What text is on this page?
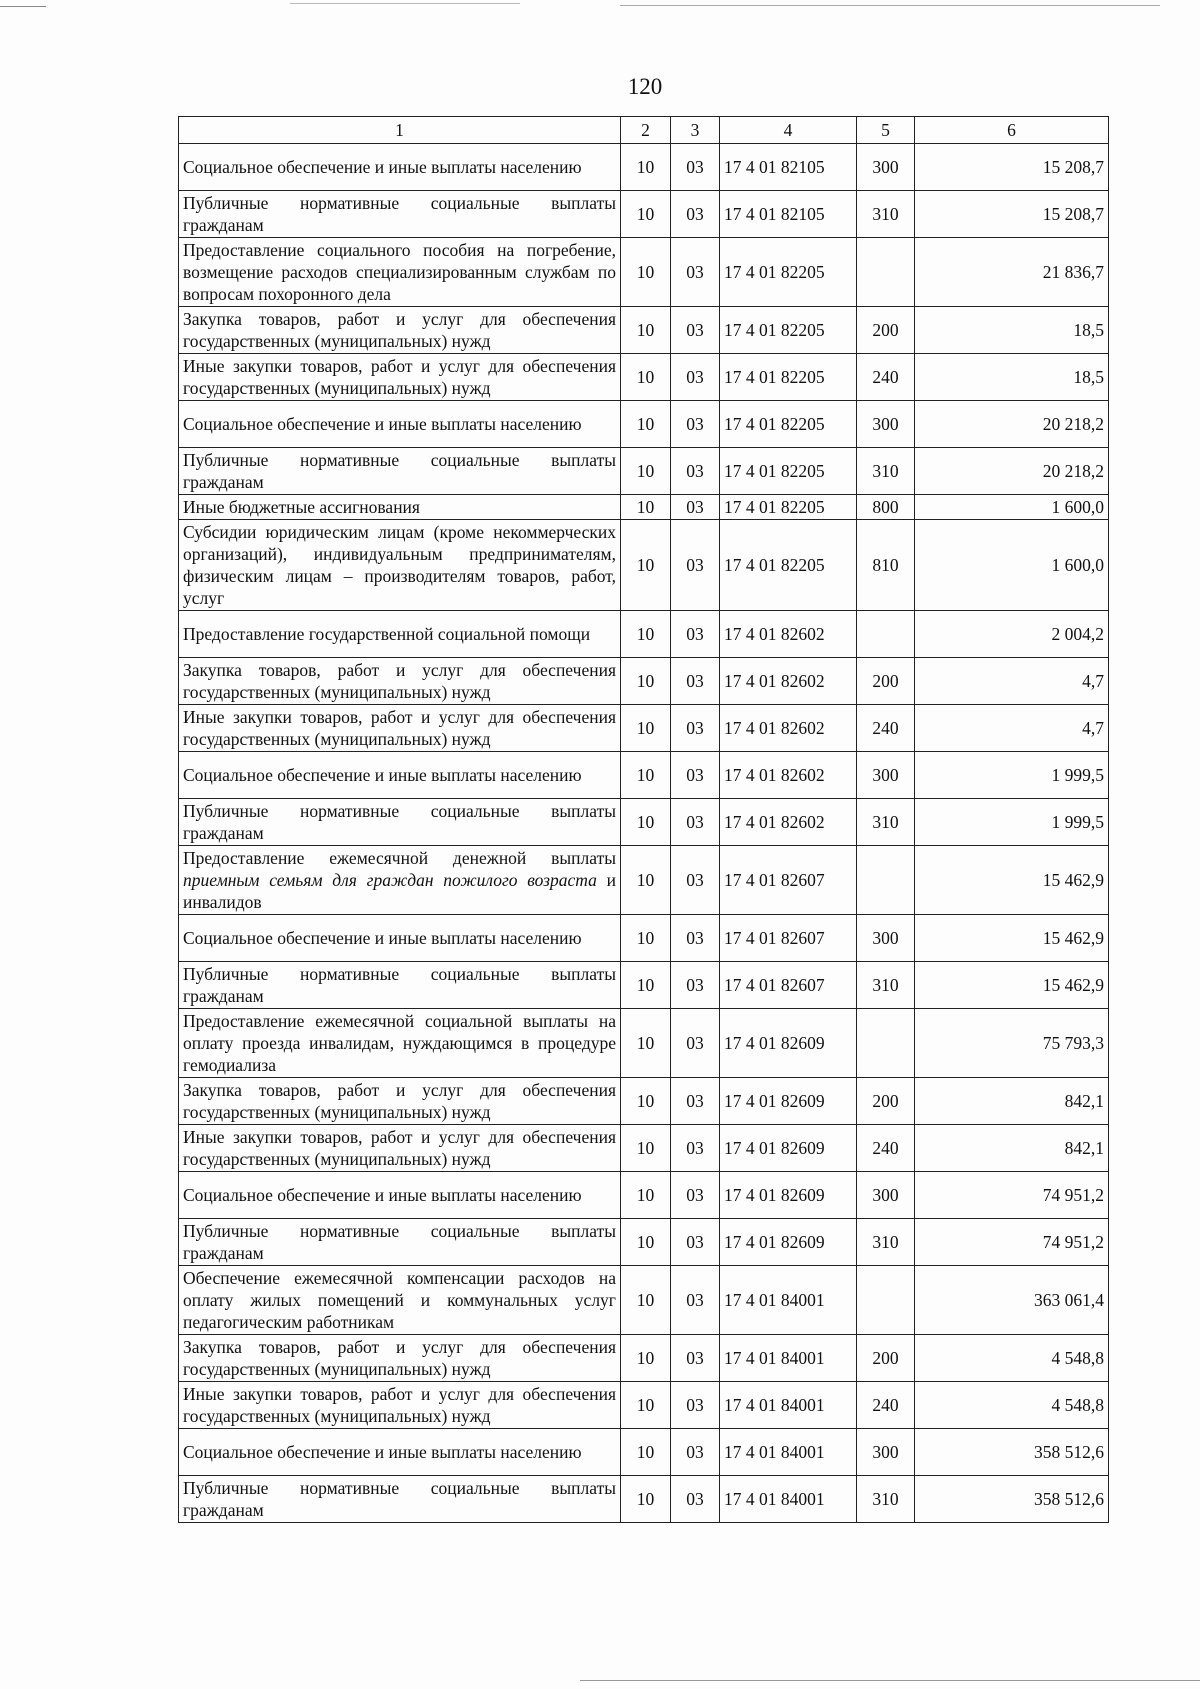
120
1	2	3	4	5	6
Социальное обеспечение и иные выплаты населению	10	03	17 4 01 82105	300	15 208,7
Публичные нормативные социальные выплаты гражданам	10	03	17 4 01 82105	310	15 208,7
Предоставление социального пособия на погребение, возмещение расходов специализированным службам по вопросам похоронного дела	10	03	17 4 01 82205		21 836,7
Закупка товаров, работ и услуг для обеспечения государственных (муниципальных) нужд	10	03	17 4 01 82205	200	18,5
Иные закупки товаров, работ и услуг для обеспечения государственных (муниципальных) нужд	10	03	17 4 01 82205	240	18,5
Социальное обеспечение и иные выплаты населению	10	03	17 4 01 82205	300	20 218,2
Публичные нормативные социальные выплаты гражданам	10	03	17 4 01 82205	310	20 218,2
Иные бюджетные ассигнования	10	03	17 4 01 82205	800	1 600,0
Субсидии юридическим лицам (кроме некоммерческих организаций), индивидуальным предпринимателям, физическим лицам – производителям товаров, работ, услуг	10	03	17 4 01 82205	810	1 600,0
Предоставление государственной социальной помощи	10	03	17 4 01 82602		2 004,2
Закупка товаров, работ и услуг для обеспечения государственных (муниципальных) нужд	10	03	17 4 01 82602	200	4,7
Иные закупки товаров, работ и услуг для обеспечения государственных (муниципальных) нужд	10	03	17 4 01 82602	240	4,7
Социальное обеспечение и иные выплаты населению	10	03	17 4 01 82602	300	1 999,5
Публичные нормативные социальные выплаты гражданам	10	03	17 4 01 82602	310	1 999,5
Предоставление ежемесячной денежной выплаты приемным семьям для граждан пожилого возраста и инвалидов	10	03	17 4 01 82607		15 462,9
Социальное обеспечение и иные выплаты населению	10	03	17 4 01 82607	300	15 462,9
Публичные нормативные социальные выплаты гражданам	10	03	17 4 01 82607	310	15 462,9
Предоставление ежемесячной социальной выплаты на оплату проезда инвалидам, нуждающимся в процедуре гемодиализа	10	03	17 4 01 82609		75 793,3
Закупка товаров, работ и услуг для обеспечения государственных (муниципальных) нужд	10	03	17 4 01 82609	200	842,1
Иные закупки товаров, работ и услуг для обеспечения государственных (муниципальных) нужд	10	03	17 4 01 82609	240	842,1
Социальное обеспечение и иные выплаты населению	10	03	17 4 01 82609	300	74 951,2
Публичные нормативные социальные выплаты гражданам	10	03	17 4 01 82609	310	74 951,2
Обеспечение ежемесячной компенсации расходов на оплату жилых помещений и коммунальных услуг педагогическим работникам	10	03	17 4 01 84001		363 061,4
Закупка товаров, работ и услуг для обеспечения государственных (муниципальных) нужд	10	03	17 4 01 84001	200	4 548,8
Иные закупки товаров, работ и услуг для обеспечения государственных (муниципальных) нужд	10	03	17 4 01 84001	240	4 548,8
Социальное обеспечение и иные выплаты населению	10	03	17 4 01 84001	300	358 512,6
Публичные нормативные социальные выплаты гражданам	10	03	17 4 01 84001	310	358 512,6
